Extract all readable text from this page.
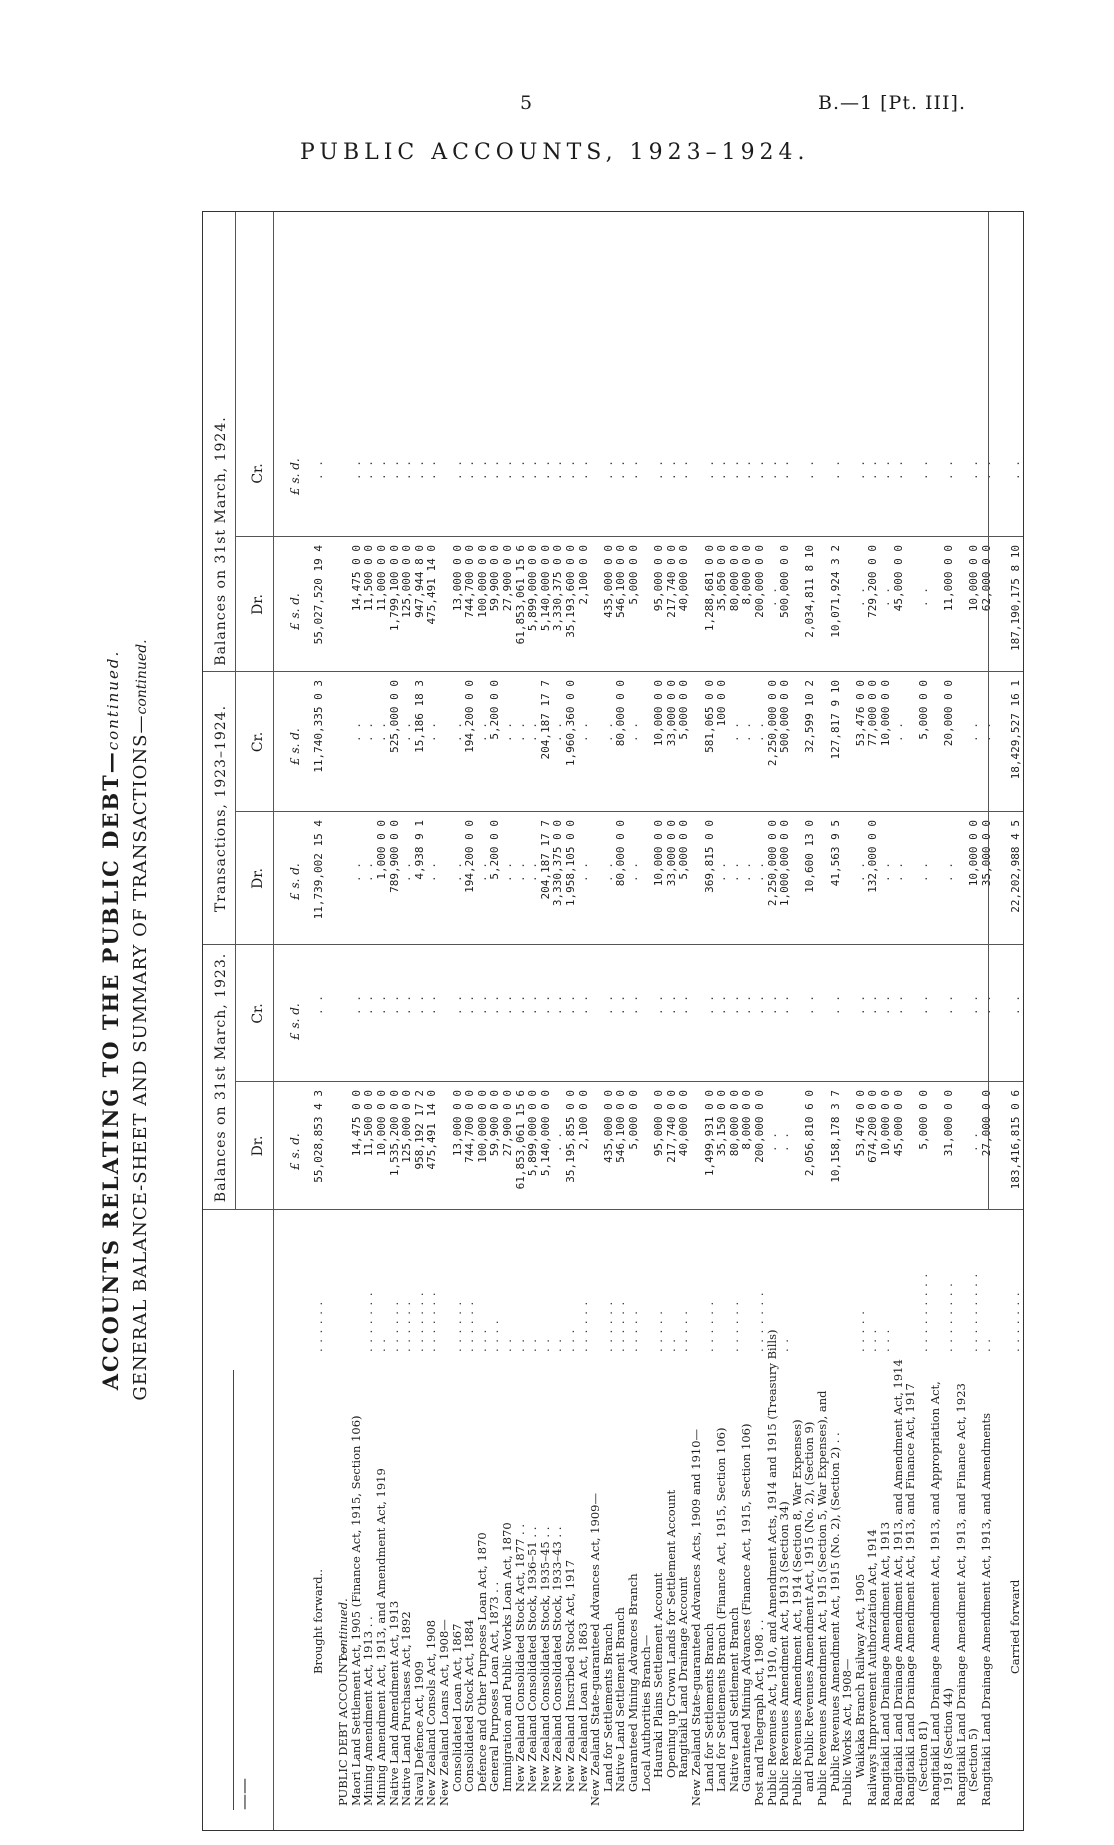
5	B.—1 [Pt. III].
PUBLIC ACCOUNTS, 1923–1924.
ACCOUNTS RELATING TO THE PUBLIC DEBT—continued.
GENERAL BALANCE-SHEET AND SUMMARY OF TRANSACTIONS—continued.
——
Balances on 31st March, 1923.
Transactions, 1923–1924.
Balances on 31st March, 1924.
Dr.
Cr.
Dr.
Cr.
Dr.
Cr.
£ s. d.
£ s. d.
£ s. d.
£ s. d.
£ s. d.
£ s. d.
Brought forward..
. . . . . .
55,028,853 4 3
. .
11,739,002 15 4
11,740,335 0 3
55,027,520 19 4
. .
PUBLIC DEBT ACCOUNT—
continued.
Maori Land Settlement Act, 1905 (Finance Act, 1915, Section 106)
14,475 0 0
. .
. .
. .
14,475 0 0
. .
Mining Amendment Act, 1913 . .
. . . . . . .
11,500 0 0
. .
. .
. .
11,500 0 0
. .
Mining Amendment Act, 1913, and Amendment Act, 1919
. .
10,000 0 0
. .
1,000 0 0
. .
11,000 0 0
. .
Native Land Amendment Act, 1913
. . . . . .
1,535,200 0 0
. .
789,900 0 0
525,000 0 0
1,799,100 0 0
. .
Native Land Purchases Act, 1892
. . . . . .
125,000 0 0
. .
. .
. .
125,000 0 0
. .
Naval Defence Act, 1909
. . . . . . .
958,192 17 2
. .
4,938 9 1
15,186 18 3
947,944 8 0
. .
New Zealand Consols Act, 1908
. . . . . . .
475,491 14 0
. .
. .
. .
475,491 14 0
. .
New Zealand Loans Act, 1908—
Consolidated Loan Act, 1867
. . . . . .
13,000 0 0
. .
. .
. .
13,000 0 0
. .
Consolidated Stock Act, 1884
. . . . . .
744,700 0 0
. .
194,200 0 0
194,200 0 0
744,700 0 0
. .
Defence and Other Purposes Loan Act, 1870
. . .
100,000 0 0
. .
. .
. .
100,000 0 0
. .
General Purposes Loan Act, 1873 . .
. . . .
59,900 0 0
. .
5,200 0 0
5,200 0 0
59,900 0 0
. .
Immigration and Public Works Loan Act, 1870
. .
27,900 0 0
. .
. .
. .
27,900 0 0
. .
New Zealand Consolidated Stock Act, 1877 . .
. .
61,853,061 15 6
. .
. .
. .
61,853,061 15 6
. .
New Zealand Consolidated Stock, 1936–51 . .
. .
5,899,000 0 0
. .
. .
. .
5,899,000 0 0
. .
New Zealand Consolidated Stock, 1935–45 . .
. .
5,140,000 0 0
. .
204,187 17 7
204,187 17 7
5,140,000 0 0
. .
New Zealand Consolidated Stock, 1933–43 . .
. .
. .
. .
3,330,375 0 0
. .
3,330,375 0 0
. .
New Zealand Inscribed Stock Act, 1917
. . .
35,195,855 0 0
. .
1,958,105 0 0
1,960,360 0 0
35,193,600 0 0
. .
New Zealand Loan Act, 1863
. . . . . .
2,100 0 0
. .
. .
. .
2,100 0 0
. .
New Zealand State-guaranteed Advances Act, 1909—
Land for Settlements Branch
. . . . . .
435,000 0 0
. .
. .
. .
435,000 0 0
. .
Native Land Settlement Branch
. . . . . .
546,100 0 0
. .
80,000 0 0
80,000 0 0
546,100 0 0
. .
Guaranteed Mining Advances Branch
. . . . .
5,000 0 0
. .
. .
. .
5,000 0 0
. .
Local Authorities Branch—
Hauraki Plains Settlement Account
. . . . .
95,000 0 0
. .
10,000 0 0
10,000 0 0
95,000 0 0
. .
Opening up Crown Lands for Settlement Account
. .
217,740 0 0
. .
33,000 0 0
33,000 0 0
217,740 0 0
. .
Rangitaiki Land Drainage Account
. . . . .
40,000 0 0
. .
5,000 0 0
5,000 0 0
40,000 0 0
. .
New Zealand State-guaranteed Advances Acts, 1909 and 1910—
Land for Settlements Branch
. . . . . .
1,499,931 0 0
. .
369,815 0 0
581,065 0 0
1,288,681 0 0
. .
Land for Settlements Branch (Finance Act, 1915, Section 106)
35,150 0 0
. .
. .
100 0 0
35,050 0 0
. .
Native Land Settlement Branch
. . . . . .
80,000 0 0
. .
. .
. .
80,000 0 0
. .
Guaranteed Mining Advances (Finance Act, 1915, Section 106)
8,000 0 0
. .
. .
. .
8,000 0 0
. .
Post and Telegraph Act, 1908 . .
. . . . . . .
200,000 0 0
. .
. .
. .
200,000 0 0
. .
Public Revenues Act, 1910, and Amendment Acts, 1914 and 1915 (Treasury Bills)
. .
. .
2,250,000 0 0
2,250,000 0 0
. .
. .
Public Revenues Amendment Act, 1913 (Section 34)
. .
. .
. .
1,000,000 0 0
500,000 0 0
500,000 0 0
. .
Public Revenues Amendment Act, 1914 (Section 8, War Expenses)
and Public Revenues Amendment Act, 1915 (No. 2), (Section 9)
2,056,810 6 0
. .
10,600 13 0
32,599 10 2
2,034,811 8 10
. .
Public Revenues Amendment Act, 1915 (Section 5, War Expenses), and
Public Revenues Amendment Act, 1915 (No. 2), (Section 2) . .
10,158,178 3 7
. .
41,563 9 5
127,817 9 10
10,071,924 3 2
. .
Public Works Act, 1908—
Waikaka Branch Railway Act, 1905
. . . . .
53,476 0 0
. .
. .
53,476 0 0
. .
. .
Railways Improvement Authorization Act, 1914
. . .
674,200 0 0
. .
132,000 0 0
77,000 0 0
729,200 0 0
. .
Rangitaiki Land Drainage Amendment Act, 1913
. . .
10,000 0 0
. .
. .
10,000 0 0
. .
. .
Rangitaiki Land Drainage Amendment Act, 1913, and Amendment Act, 1914
45,000 0 0
. .
. .
. .
45,000 0 0
. .
Rangitaiki Land Drainage Amendment Act, 1913, and Finance Act, 1917
(Section 81)
. . . . . . . . .
5,000 0 0
. .
. .
5,000 0 0
. .
. .
Rangitaiki Land Drainage Amendment Act, 1913, and Appropriation Act,
1918 (Section 44)
. . . . . . . .
31,000 0 0
. .
. .
20,000 0 0
11,000 0 0
. .
Rangitaiki Land Drainage Amendment Act, 1913, and Finance Act, 1923
(Section 5)
. . . . . . . . .
. .
. .
10,000 0 0
. .
10,000 0 0
. .
Rangitaiki Land Drainage Amendment Act, 1913, and Amendments
. .
27,000 0 0
. .
35,000 0 0
. .
62,000 0 0
. .
Carried forward
. . . . . . .
183,416,815 0 6
. .
22,202,988 4 5
18,429,527 16 1
187,190,175 8 10
. .
